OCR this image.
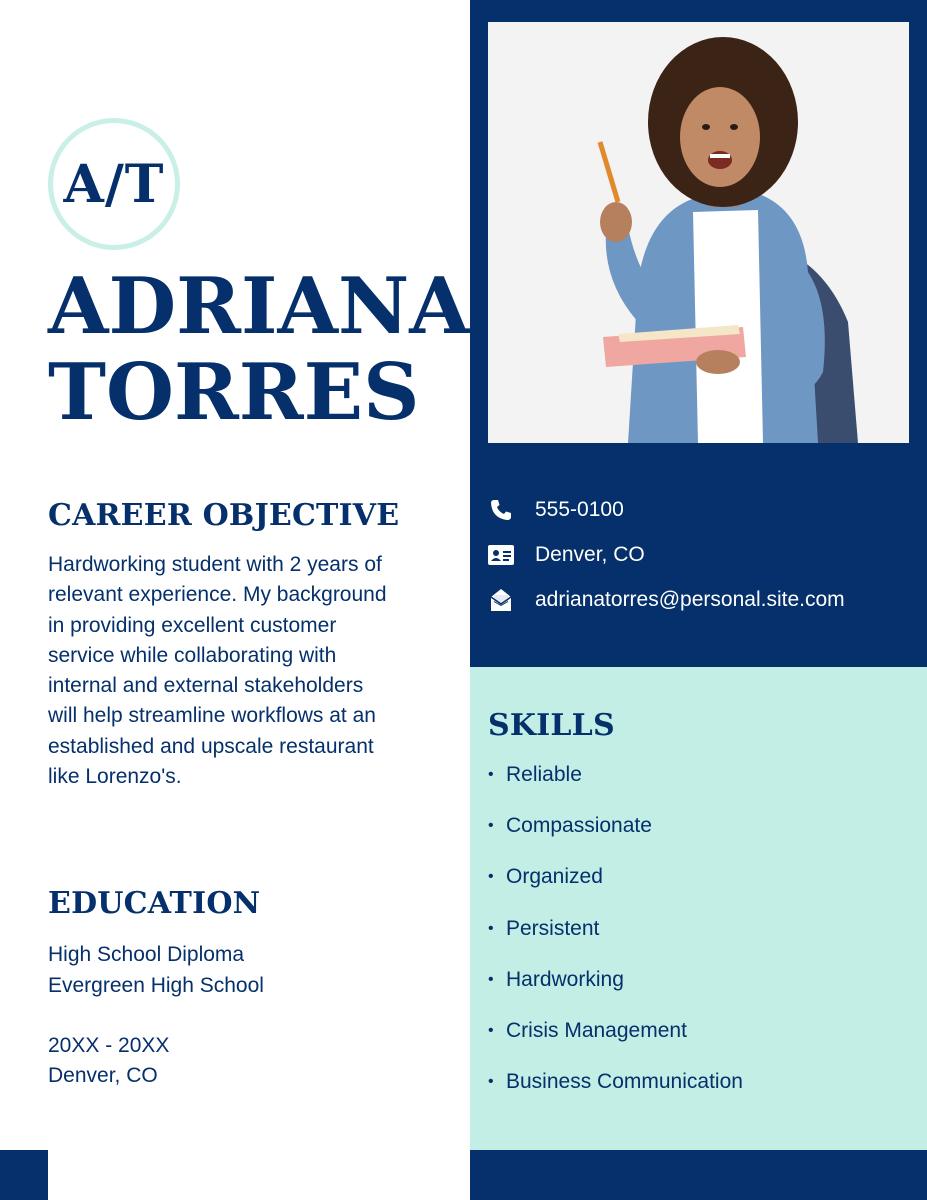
A/T
ADRIANA
TORRES
CAREER OBJECTIVE

Hardworking student with 2 years of relevant experience. My background in providing excellent customer service while collaborating with internal and external stakeholders will help streamline workflows at an established and upscale restaurant like Lorenzo's.

EDUCATION

High School Diploma

Evergreen High School

20XX - 20XX

Denver, CO

555-0100
Denver, CO
adrianatorres@personal.site.com
SKILLS
• Reliable
• Compassionate
• Organized
• Persistent
• Hardworking
• Crisis Management
• Business Communication
